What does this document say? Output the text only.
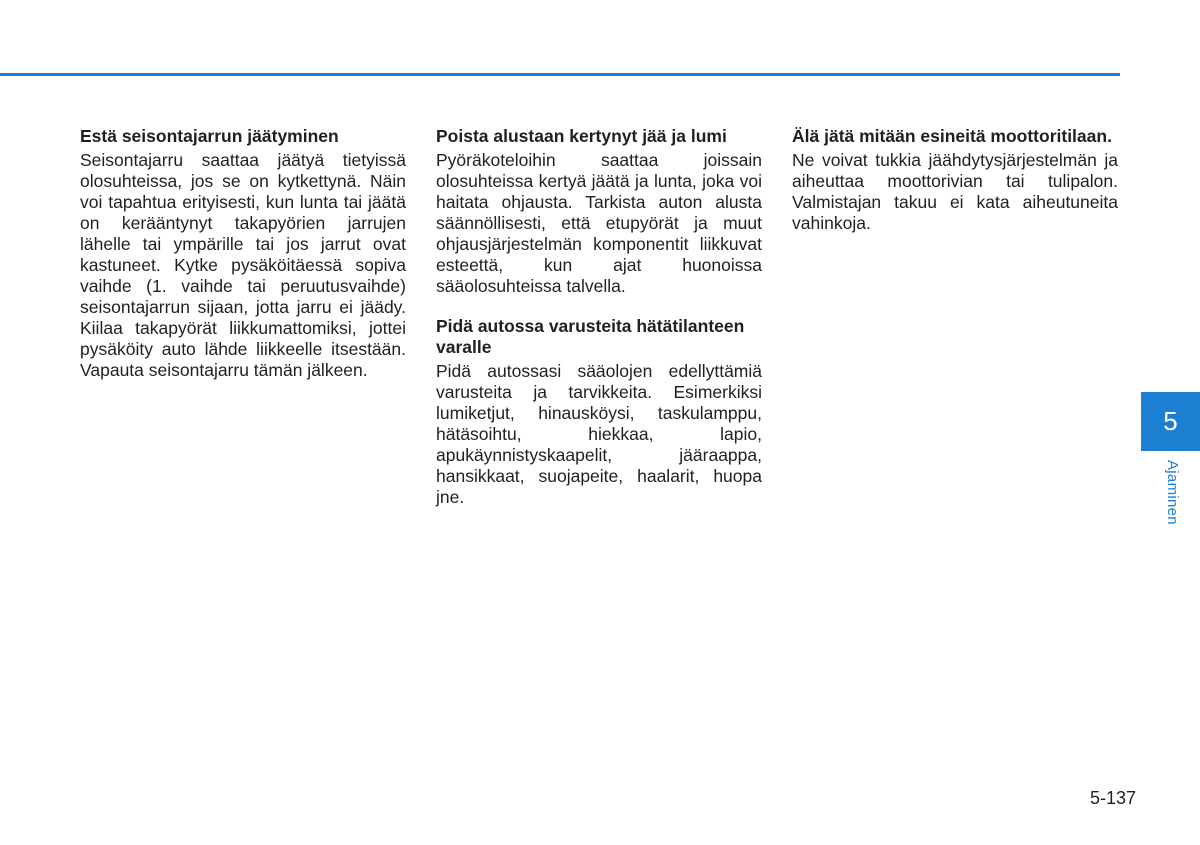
Estä seisontajarrun jäätyminen

Seisontajarru saattaa jäätyä tietyissä olosuhteissa, jos se on kytkettynä. Näin voi tapahtua erityisesti, kun lunta tai jäätä on kerääntynyt takapyörien jarrujen lähelle tai ympärille tai jos jarrut ovat kastuneet. Kytke pysäköitäessä sopiva vaihde (1. vaihde tai peruutusvaihde) seisontajarrun sijaan, jotta jarru ei jäädy. Kiilaa takapyörät liikkumattomiksi, jottei pysäköity auto lähde liikkeelle itsestään. Vapauta seisontajarru tämän jälkeen.

Poista alustaan kertynyt jää ja lumi

Pyöräkoteloihin saattaa joissain olosuhteissa kertyä jäätä ja lunta, joka voi haitata ohjausta. Tarkista auton alusta säännöllisesti, että etupyörät ja muut ohjausjärjestelmän komponentit liikkuvat esteettä, kun ajat huonoissa sääolosuhteissa talvella.

Pidä autossa varusteita hätätilanteen varalle

Pidä autossasi sääolojen edellyttämiä varusteita ja tarvikkeita. Esimerkiksi lumiketjut, hinausköysi, taskulamppu, hätäsoihtu, hiekkaa, lapio, apukäynnistyskaapelit, jääraappa, hansikkaat, suojapeite, haalarit, huopa jne.

Älä jätä mitään esineitä moottoritilaan.

Ne voivat tukkia jäähdytysjärjestelmän ja aiheuttaa moottorivian tai tulipalon. Valmistajan takuu ei kata aiheutuneita vahinkoja.

5
Ajaminen
5-137
